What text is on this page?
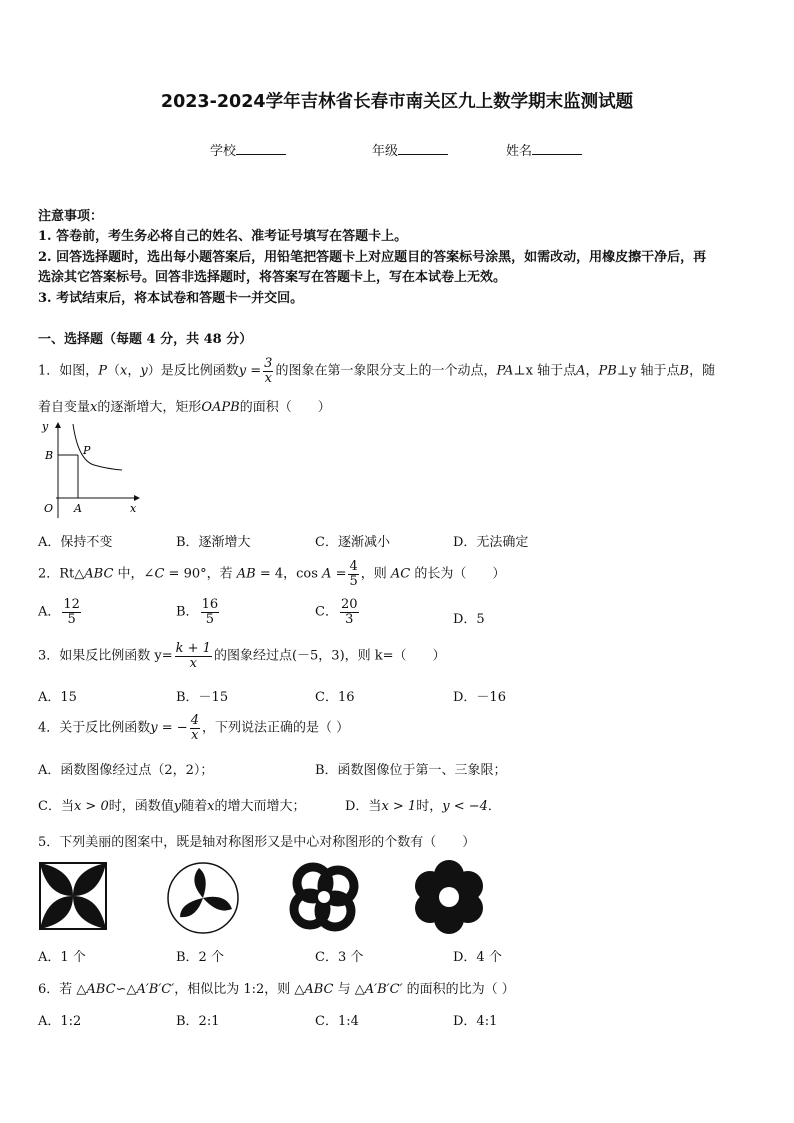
2023-2024学年吉林省长春市南关区九上数学期末监测试题
学校	年级	姓名
注意事项：
1. 答卷前，考生务必将自己的姓名、准考证号填写在答题卡上。
2. 回答选择题时，选出每小题答案后，用铅笔把答题卡上对应题目的答案标号涂黑，如需改动，用橡皮擦干净后，再
选涂其它答案标号。回答非选择题时，将答案写在答题卡上，写在本试卷上无效。
3. 考试结束后，将本试卷和答题卡一并交回。
一、选择题（每题 4 分，共 48 分）
1．如图，P（x，y）是反比例函数$y = \frac{3}{x}$ 的图象在第一象限分支上的一个动点，PA⊥x 轴于点A，PB⊥y 轴于点B，随
着自变量x的逐渐增大，矩形OAPB的面积（　　）
y
x
O A
B	P
A．保持不变	B．逐渐增大	C．逐渐减小	D．无法确定
2．Rt△ABC 中，∠C = 90°，若 AB = 4，$\cos A = \frac{4}{5}$ ，则 AC 的长为（　　）
A． $\frac{12}{5}$	B． $\frac{16}{5}$	C． $\frac{20}{3}$	D．5
3．如果反比例函数 $y= \frac{k + 1}{x}$ 的图象经过点(－5，3)，则 k=（　　）
A．15	B．－15	C．16	D．－16
4．关于反比例函数y = − $\frac{4}{x}$ ，下列说法正确的是（ ）
A．函数图像经过点（2，2）；	B．函数图像位于第一、三象限；
C．当x > 0时，函数值y随着x的增大而增大；	D．当x > 1时，y < −4．
5．下列美丽的图案中，既是轴对称图形又是中心对称图形的个数有（　　）
A．1 个	B．2 个	C．3 个	D．4 个
6．若 △ABC∽△A′B′C′，相似比为 1:2，则 △ABC 与 △A′B′C′ 的面积的比为（ ）
A．1:2	B．2:1	C．1:4	D．4:1
